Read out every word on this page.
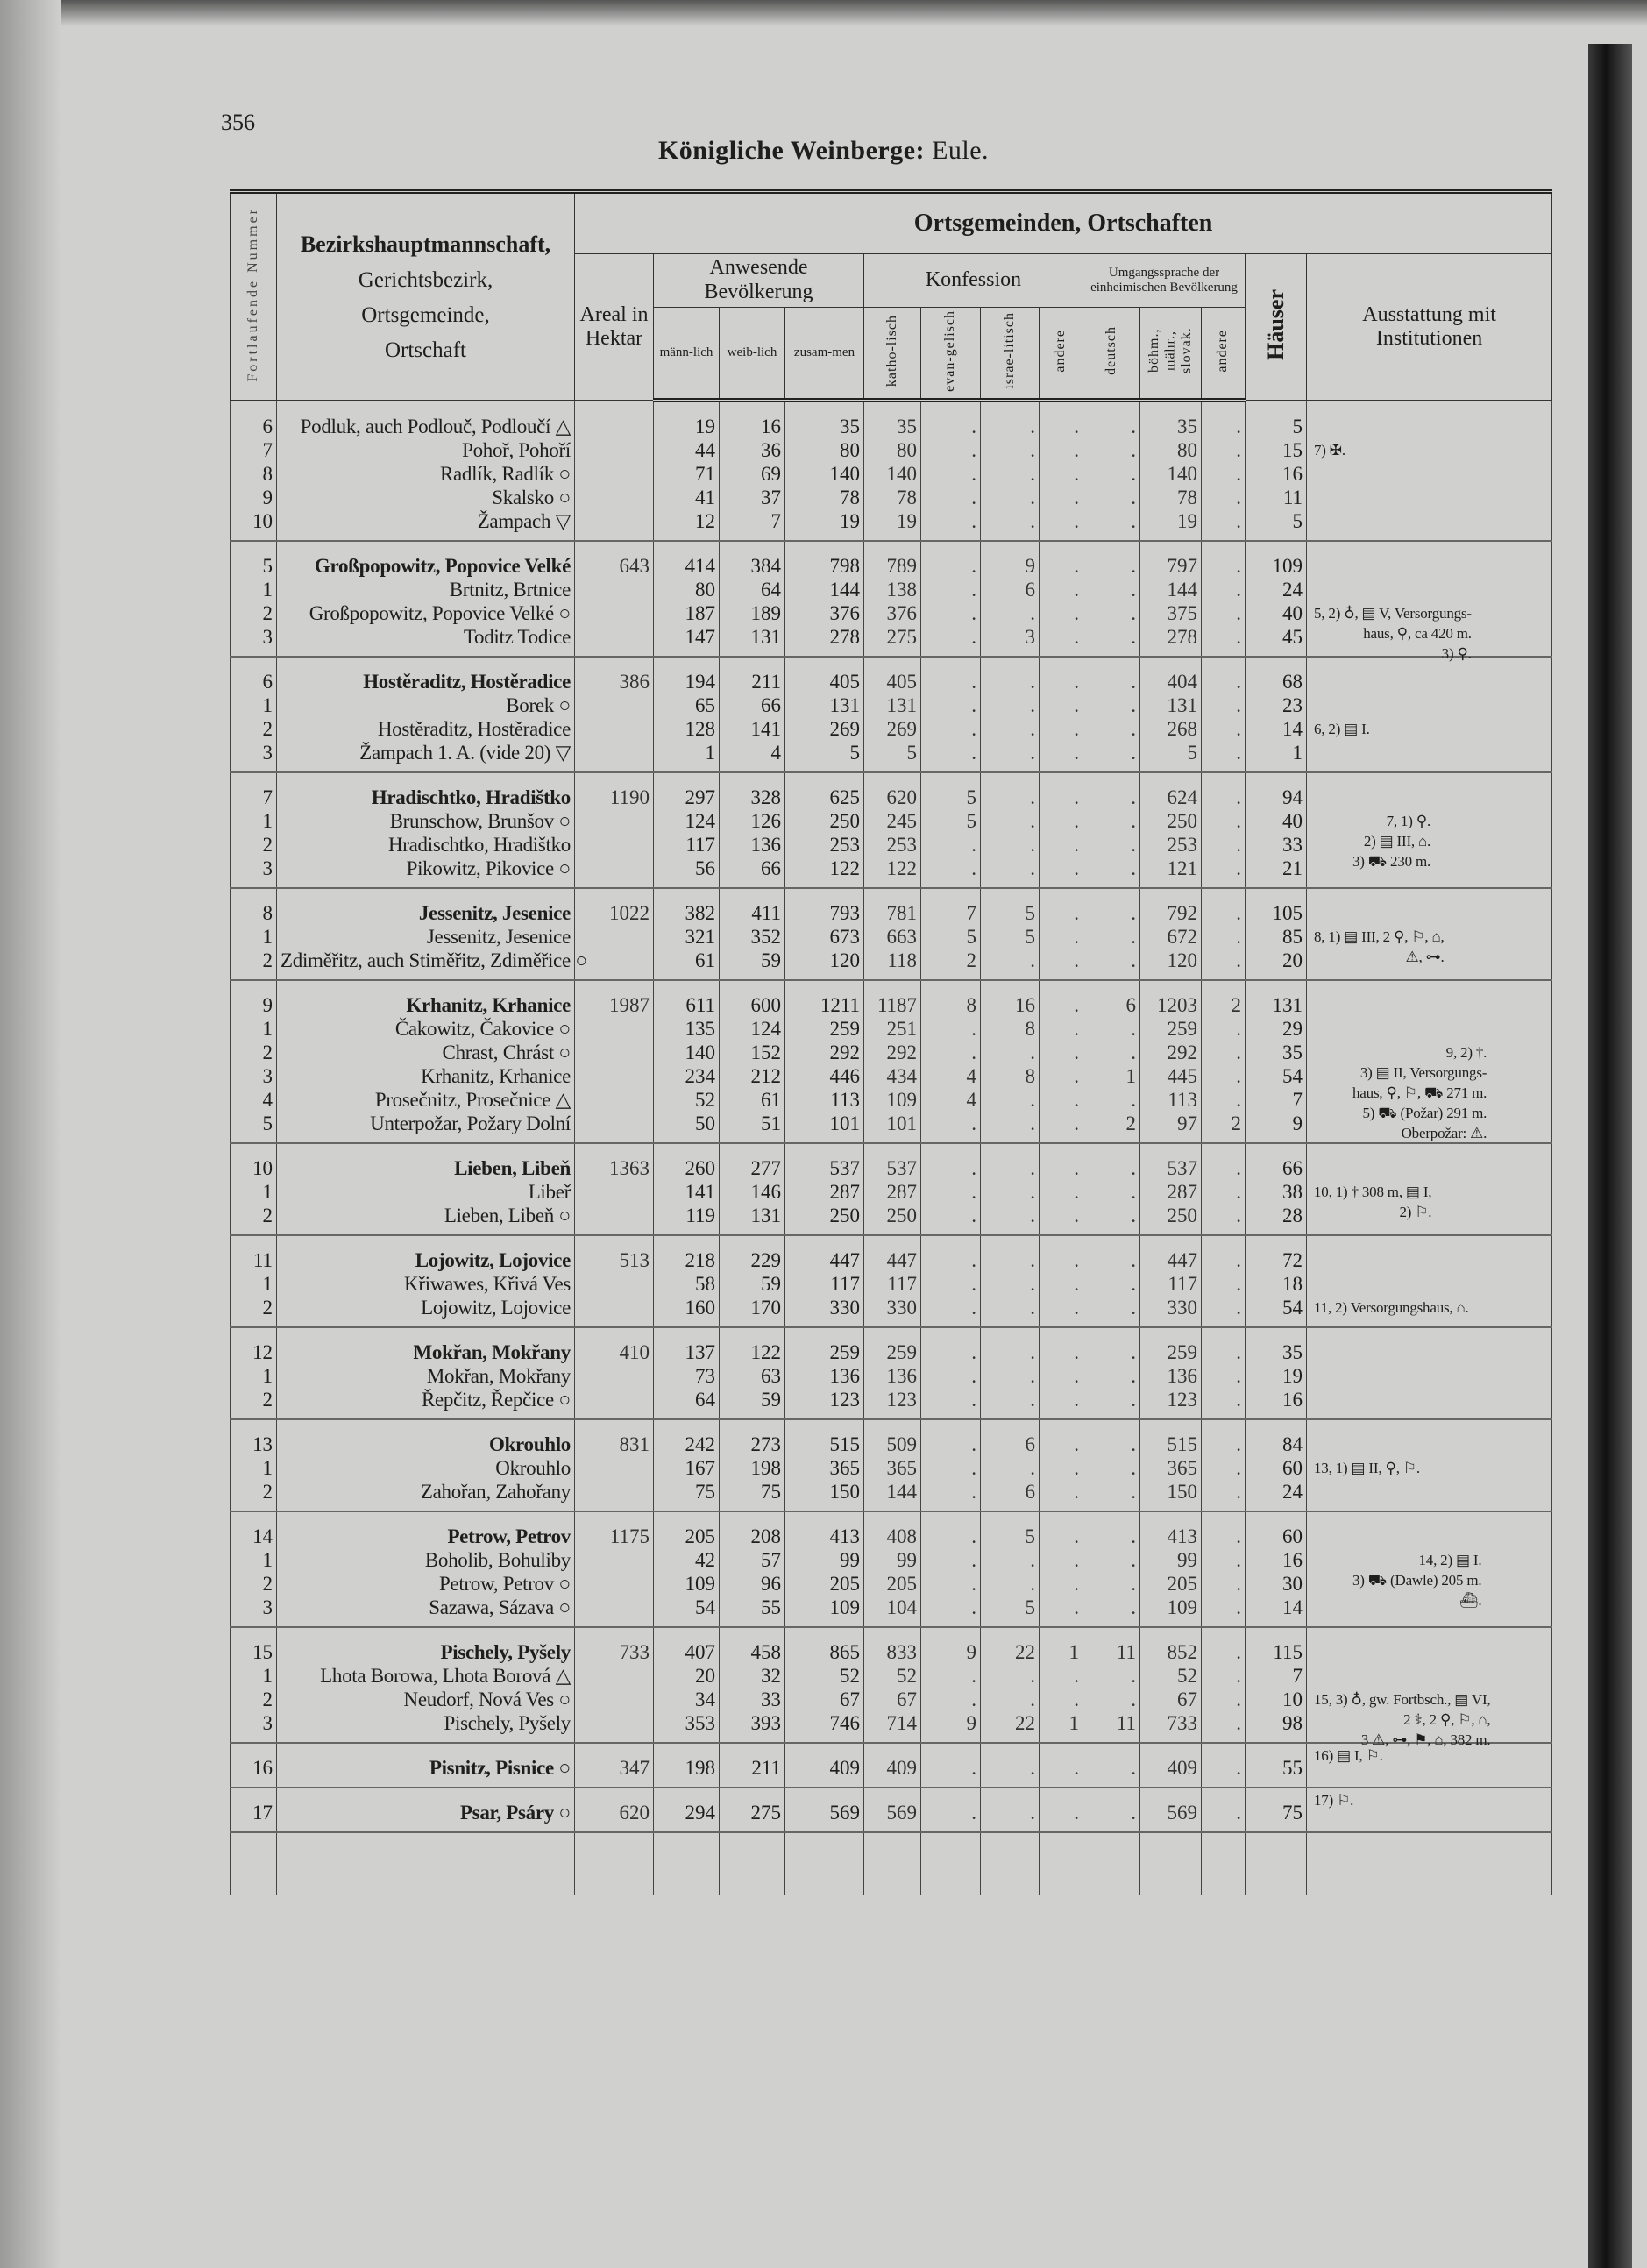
356
Königliche Weinberge: Eule.
Fortlaufende Nummer	Bezirkshauptmannschaft,
Gerichtsbezirk,
Ortsgemeinde,
Ortschaft	Ortsgemeinden, Ortschaften												
		Areal in Hektar	Anwesende Bevölkerung			Konfession				Umgangssprache der einheimischen Bevölkerung			Häuser	Ausstattung mit Institutionen
			männ-lich	weib-lich	zusam-men	katho-lisch	evan-gelisch	israe-litisch	andere	deutsch	böhm., mähr., slovak.	andere		
6	Podluk, auch Podlouč, Podloučí △		19	16	35	35	.	.	.	.	35	.	5	
7	Pohoř, Pohoří		44	36	80	80	.	.	.	.	80	.	15	7) ✠.

8	Radlík, Radlík ○		71	69	140	140	.	.	.	.	140	.	16	
9	Skalsko ○		41	37	78	78	.	.	.	.	78	.	11	
10	Žampach ▽		12	7	19	19	.	.	.	.	19	.	5	
5	Großpopowitz, Popovice Velké	643	414	384	798	789	.	9	.	.	797	.	109	
1	Brtnitz, Brtnice		80	64	144	138	.	6	.	.	144	.	24	
2	Großpopowitz, Popovice Velké ○		187	189	376	376	.	.	.	.	375	.	40	5, 2) ♁, ▤ V, Versorgungs-
haus, ⚲, ca 420 m.
3) ⚲.

3	Toditz Todice		147	131	278	275	.	3	.	.	278	.	45	
6	Hostěraditz, Hostěradice	386	194	211	405	405	.	.	.	.	404	.	68	
1	Borek ○		65	66	131	131	.	.	.	.	131	.	23	
2	Hostěraditz, Hostěradice		128	141	269	269	.	.	.	.	268	.	14	6, 2) ▤ I.

3	Žampach 1. A. (vide 20) ▽		1	4	5	5	.	.	.	.	5	.	1	
7	Hradischtko, Hradištko	1190	297	328	625	620	5	.	.	.	624	.	94	
1	Brunschow, Brunšov ○		124	126	250	245	5	.	.	.	250	.	40	7, 1) ⚲.
2) ▤ III, ⌂.
3) ⛟ 230 m.

2	Hradischtko, Hradištko		117	136	253	253	.	.	.	.	253	.	33	
3	Pikowitz, Pikovice ○		56	66	122	122	.	.	.	.	121	.	21	
8	Jessenitz, Jesenice	1022	382	411	793	781	7	5	.	.	792	.	105	
1	Jessenitz, Jesenice		321	352	673	663	5	5	.	.	672	.	85	8, 1) ▤ III, 2 ⚲, ⚐, ⌂,
⚠, ⊶.

2	Zdiměřitz, auch Stiměřitz, Zdiměřice ○		61	59	120	118	2	.	.	.	120	.	20	
9	Krhanitz, Krhanice	1987	611	600	1211	1187	8	16	.	6	1203	2	131	
1	Čakowitz, Čakovice ○		135	124	259	251	.	8	.	.	259	.	29	
2	Chrast, Chrást ○		140	152	292	292	.	.	.	.	292	.	35	9, 2) †.
3) ▤ II, Versorgungs-
haus, ⚲, ⚐, ⛟ 271 m.
5) ⛟ (Požar) 291 m.
Oberpožar: ⚠.

3	Krhanitz, Krhanice		234	212	446	434	4	8	.	1	445	.	54	
4	Prosečnitz, Prosečnice △		52	61	113	109	4	.	.	.	113	.	7	
5	Unterpožar, Požary Dolní		50	51	101	101	.	.	.	2	97	2	9	
10	Lieben, Libeň	1363	260	277	537	537	.	.	.	.	537	.	66	
1	Libeř		141	146	287	287	.	.	.	.	287	.	38	10, 1) † 308 m, ▤ I,
2) ⚐.

2	Lieben, Libeň ○		119	131	250	250	.	.	.	.	250	.	28	
11	Lojowitz, Lojovice	513	218	229	447	447	.	.	.	.	447	.	72	
1	Křiwawes, Křivá Ves		58	59	117	117	.	.	.	.	117	.	18	
2	Lojowitz, Lojovice		160	170	330	330	.	.	.	.	330	.	54	11, 2) Versorgungshaus, ⌂.

12	Mokřan, Mokřany	410	137	122	259	259	.	.	.	.	259	.	35	
1	Mokřan, Mokřany		73	63	136	136	.	.	.	.	136	.	19	
2	Řepčitz, Řepčice ○		64	59	123	123	.	.	.	.	123	.	16	
13	Okrouhlo	831	242	273	515	509	.	6	.	.	515	.	84	
1	Okrouhlo		167	198	365	365	.	.	.	.	365	.	60	13, 1) ▤ II, ⚲, ⚐.

2	Zahořan, Zahořany		75	75	150	144	.	6	.	.	150	.	24	
14	Petrow, Petrov	1175	205	208	413	408	.	5	.	.	413	.	60	
1	Boholib, Bohuliby		42	57	99	99	.	.	.	.	99	.	16	14, 2) ▤ I.
3) ⛟ (Dawle) 205 m.
⛴.

2	Petrow, Petrov ○		109	96	205	205	.	.	.	.	205	.	30	
3	Sazawa, Sázava ○		54	55	109	104	.	5	.	.	109	.	14	
15	Pischely, Pyšely	733	407	458	865	833	9	22	1	11	852	.	115	
1	Lhota Borowa, Lhota Borová △		20	32	52	52	.	.	.	.	52	.	7	
2	Neudorf, Nová Ves ○		34	33	67	67	.	.	.	.	67	.	10	15, 3) ♁, gw. Fortbsch., ▤ VI,
2 ⚕, 2 ⚲, ⚐, ⌂,
3 ⚠, ⊶, ⚑, ⌂, 382 m.

3	Pischely, Pyšely		353	393	746	714	9	22	1	11	733	.	98	
16	Pisnitz, Pisnice ○	347	198	211	409	409	.	.	.	.	409	.	55	16) ▤ I, ⚐.

17	Psar, Psáry ○	620	294	275	569	569	.	.	.	.	569	.	75	17) ⚐.
